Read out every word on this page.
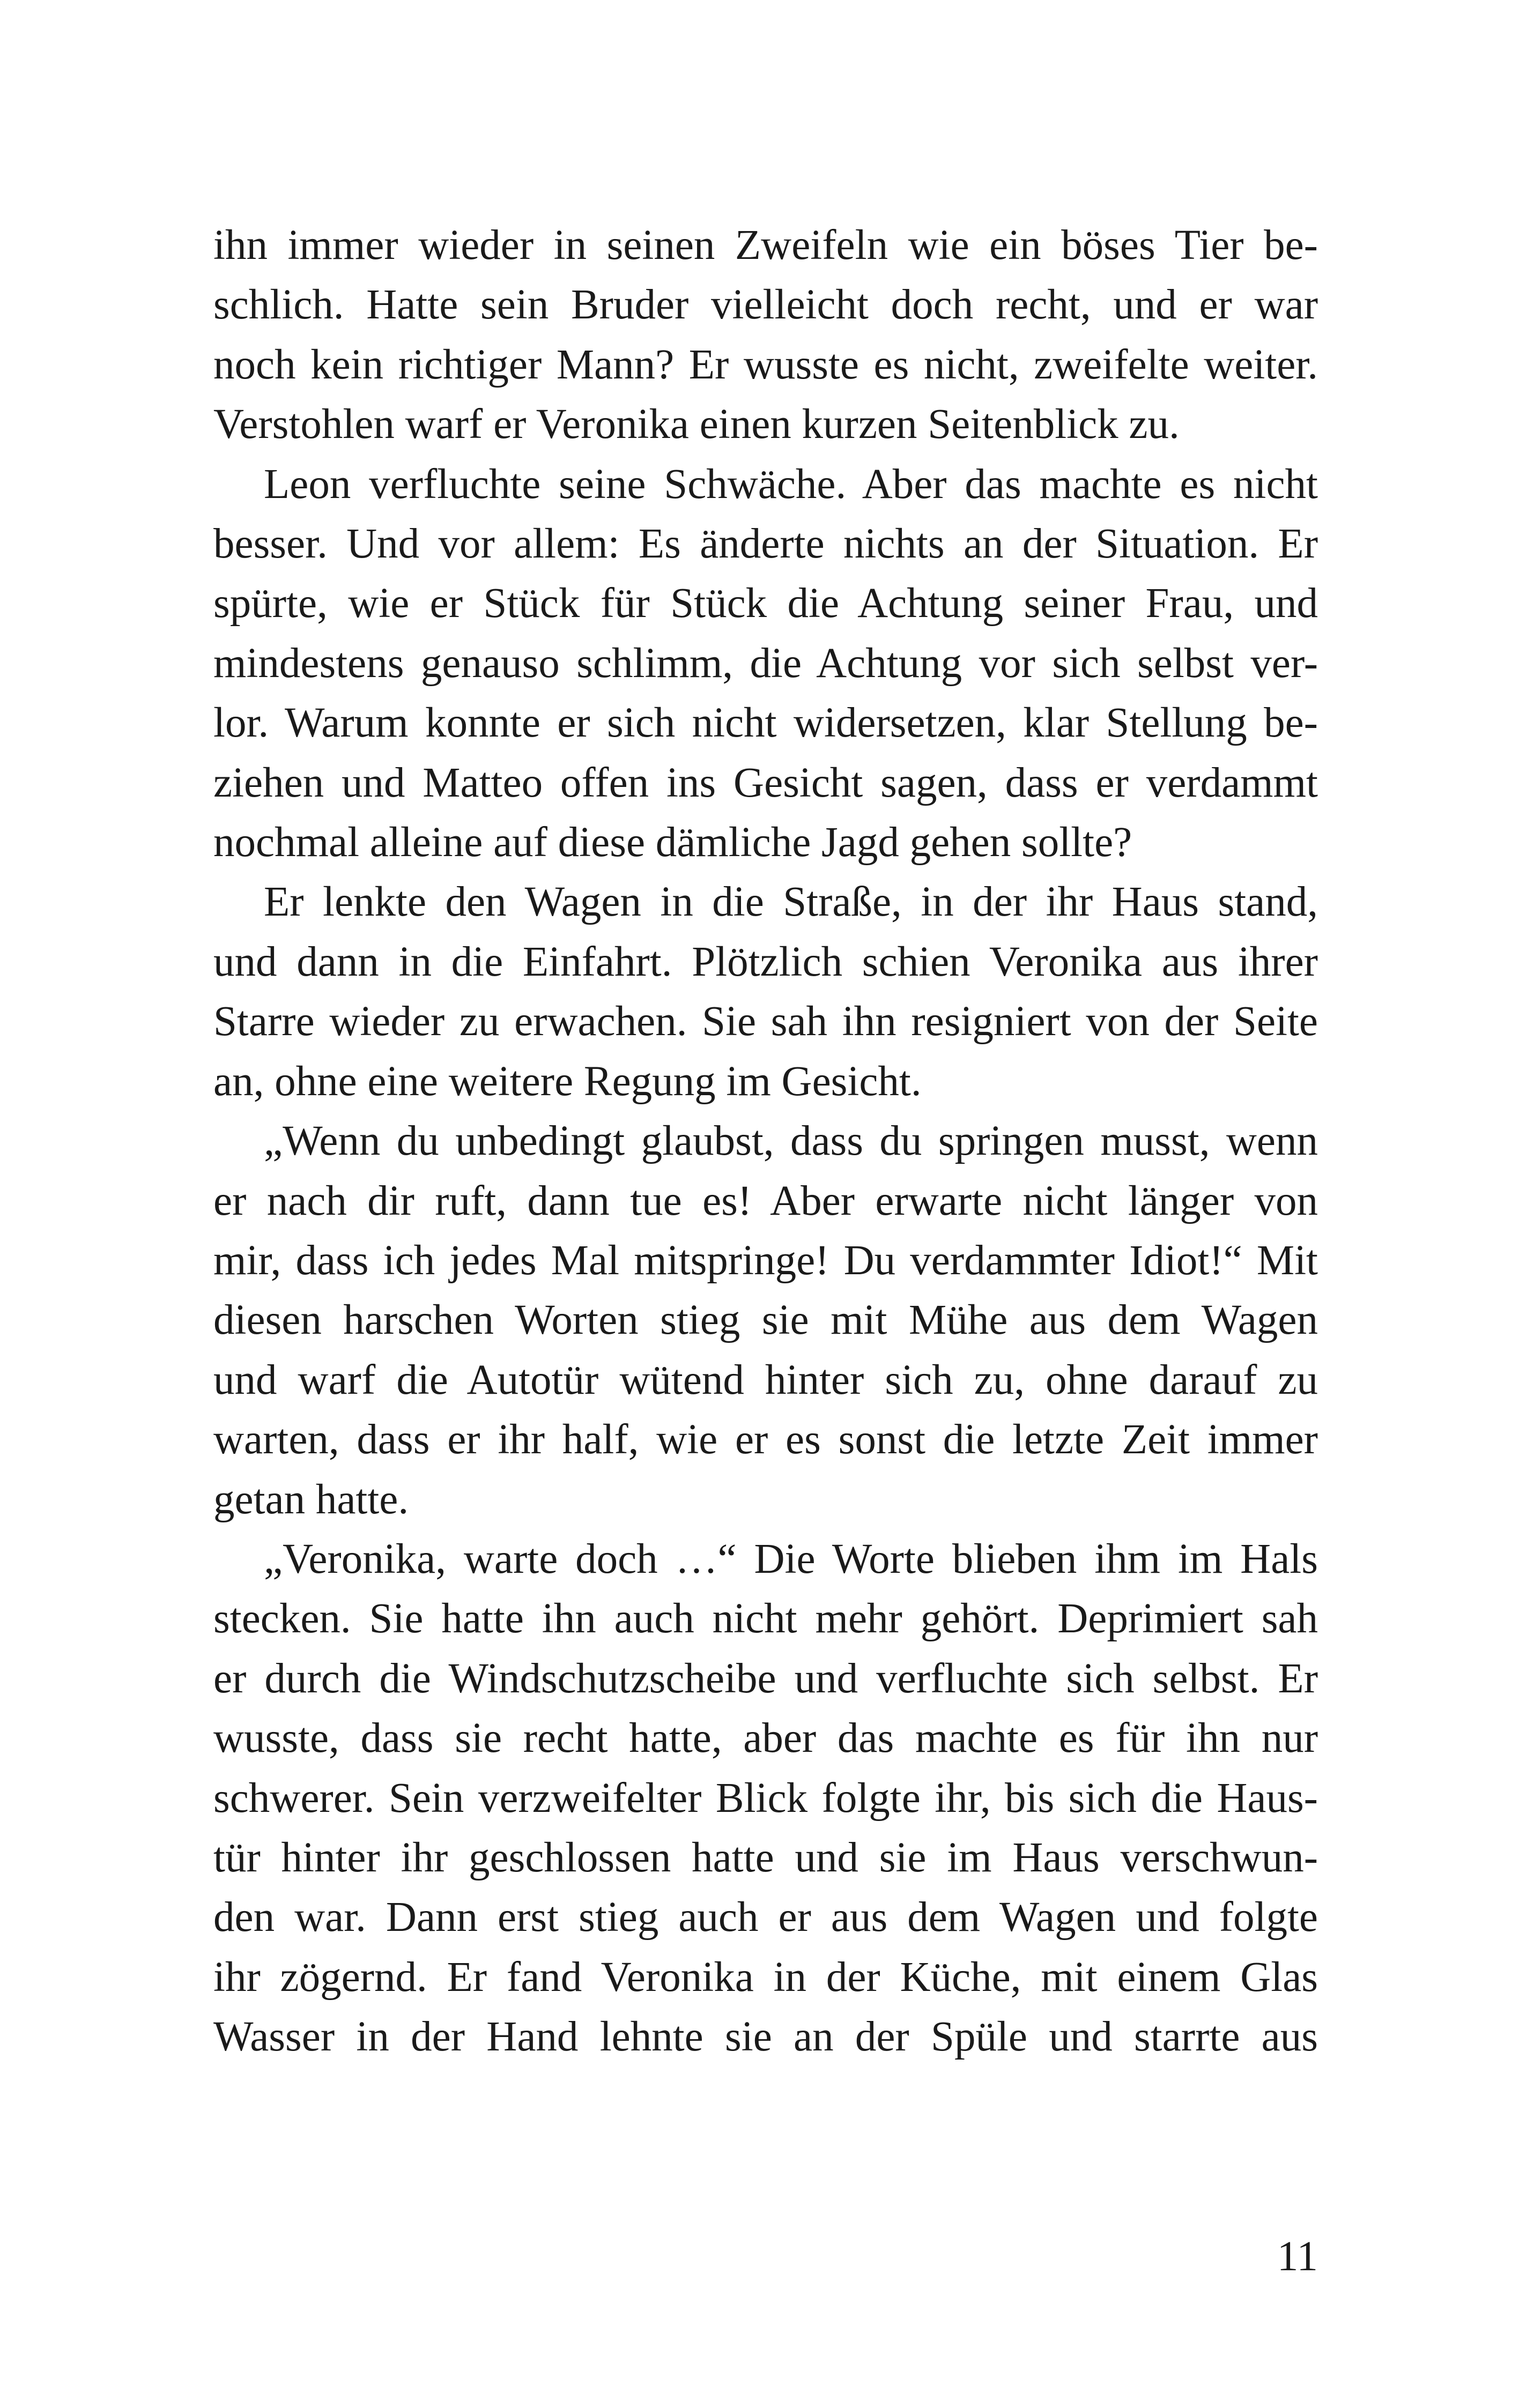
ihn immer wieder in seinen Zweifeln wie ein böses Tier be-

schlich. Hatte sein Bruder vielleicht doch recht, und er war

noch kein richtiger Mann? Er wusste es nicht, zweifelte weiter.

Verstohlen warf er Veronika einen kurzen Seitenblick zu.

Leon verfluchte seine Schwäche. Aber das machte es nicht

besser. Und vor allem: Es änderte nichts an der Situation. Er

spürte, wie er Stück für Stück die Achtung seiner Frau, und

mindestens genauso schlimm, die Achtung vor sich selbst ver-

lor. Warum konnte er sich nicht widersetzen, klar Stellung be-

ziehen und Matteo offen ins Gesicht sagen, dass er verdammt

nochmal alleine auf diese dämliche Jagd gehen sollte?

Er lenkte den Wagen in die Straße, in der ihr Haus stand,

und dann in die Einfahrt. Plötzlich schien Veronika aus ihrer

Starre wieder zu erwachen. Sie sah ihn resigniert von der Seite

an, ohne eine weitere Regung im Gesicht.

„Wenn du unbedingt glaubst, dass du springen musst, wenn

er nach dir ruft, dann tue es! Aber erwarte nicht länger von

mir, dass ich jedes Mal mitspringe! Du verdammter Idiot!“ Mit

diesen harschen Worten stieg sie mit Mühe aus dem Wagen

und warf die Autotür wütend hinter sich zu, ohne darauf zu

warten, dass er ihr half, wie er es sonst die letzte Zeit immer

getan hatte.

„Veronika, warte doch …“ Die Worte blieben ihm im Hals

stecken. Sie hatte ihn auch nicht mehr gehört. Deprimiert sah

er durch die Windschutzscheibe und verfluchte sich selbst. Er

wusste, dass sie recht hatte, aber das machte es für ihn nur

schwerer. Sein verzweifelter Blick folgte ihr, bis sich die Haus-

tür hinter ihr geschlossen hatte und sie im Haus verschwun-

den war. Dann erst stieg auch er aus dem Wagen und folgte

ihr zögernd. Er fand Veronika in der Küche, mit einem Glas

Wasser in der Hand lehnte sie an der Spüle und starrte aus

11
